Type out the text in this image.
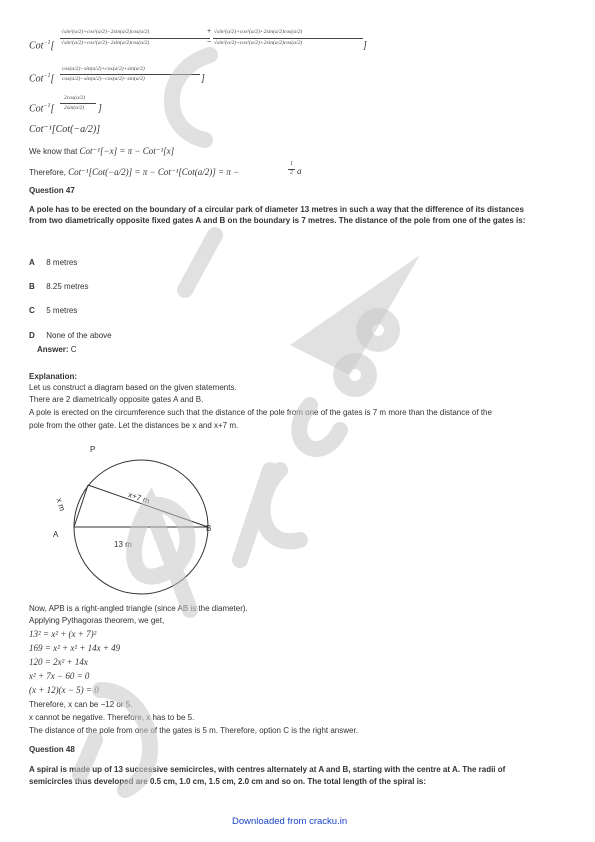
Cot$^{-1}$[
√sin²(a/2)+cos²(a/2)−2sin(a/2)cos(a/2)	√sin²(a/2)+cos²(a/2)+2sin(a/2)cos(a/2)
+
√sin²(a/2)+cos²(a/2)−2sin(a/2)cos(a/2)	− √sin²(a/2)+cos²(a/2)+2sin(a/2)cos(a/2)	]
Cot$^{-1}$[
cos(a/2)−sin(a/2)+cos(a/2)+sin(a/2)
cos(a/2)−sin(a/2)−cos(a/2)−sin(a/2)	]
Cot$^{-1}$[
2cos(a/2)
2sin(a/2) ]
Cot⁻¹[Cot(−a/2)]
We know that Cot⁻¹[−x] = π − Cot⁻¹[x]
Therefore, Cot⁻¹[Cot(−a/2)] = π − Cot⁻¹[Cot(a/2)] = π −
1
2 a
Question 47
A pole has to be erected on the boundary of a circular park of diameter 13 metres in such a way that the difference of its distances
from two diametrically opposite fixed gates A and B on the boundary is 7 metres. The distance of the pole from one of the gates is:
A 8 metres
B 8.25 metres
C 5 metres
D None of the above
Answer: C
Explanation:
Let us construct a diagram based on the given statements.
There are 2 diametrically opposite gates A and B.
A pole is erected on the circumference such that the distance of the pole from one of the gates is 7 m more than the distance of the
pole from the other gate. Let the distances be x and x+7 m.
P
A
B
x m	x+7 m
13 m
Now, APB is a right-angled triangle (since AB is the diameter).
Applying Pythagoras theorem, we get,
13² = x² + (x + 7)²
169 = x² + x² + 14x + 49
120 = 2x² + 14x
x² + 7x − 60 = 0
(x + 12)(x − 5) = 0
Therefore, x can be −12 or 5.
x cannot be negative. Therefore, x has to be 5.
The distance of the pole from one of the gates is 5 m. Therefore, option C is the right answer.
Question 48
A spiral is made up of 13 successive semicircles, with centres alternately at A and B, starting with the centre at A. The radii of
semicircles thus developed are 0.5 cm, 1.0 cm, 1.5 cm, 2.0 cm and so on. The total length of the spiral is:
Downloaded from cracku.in
